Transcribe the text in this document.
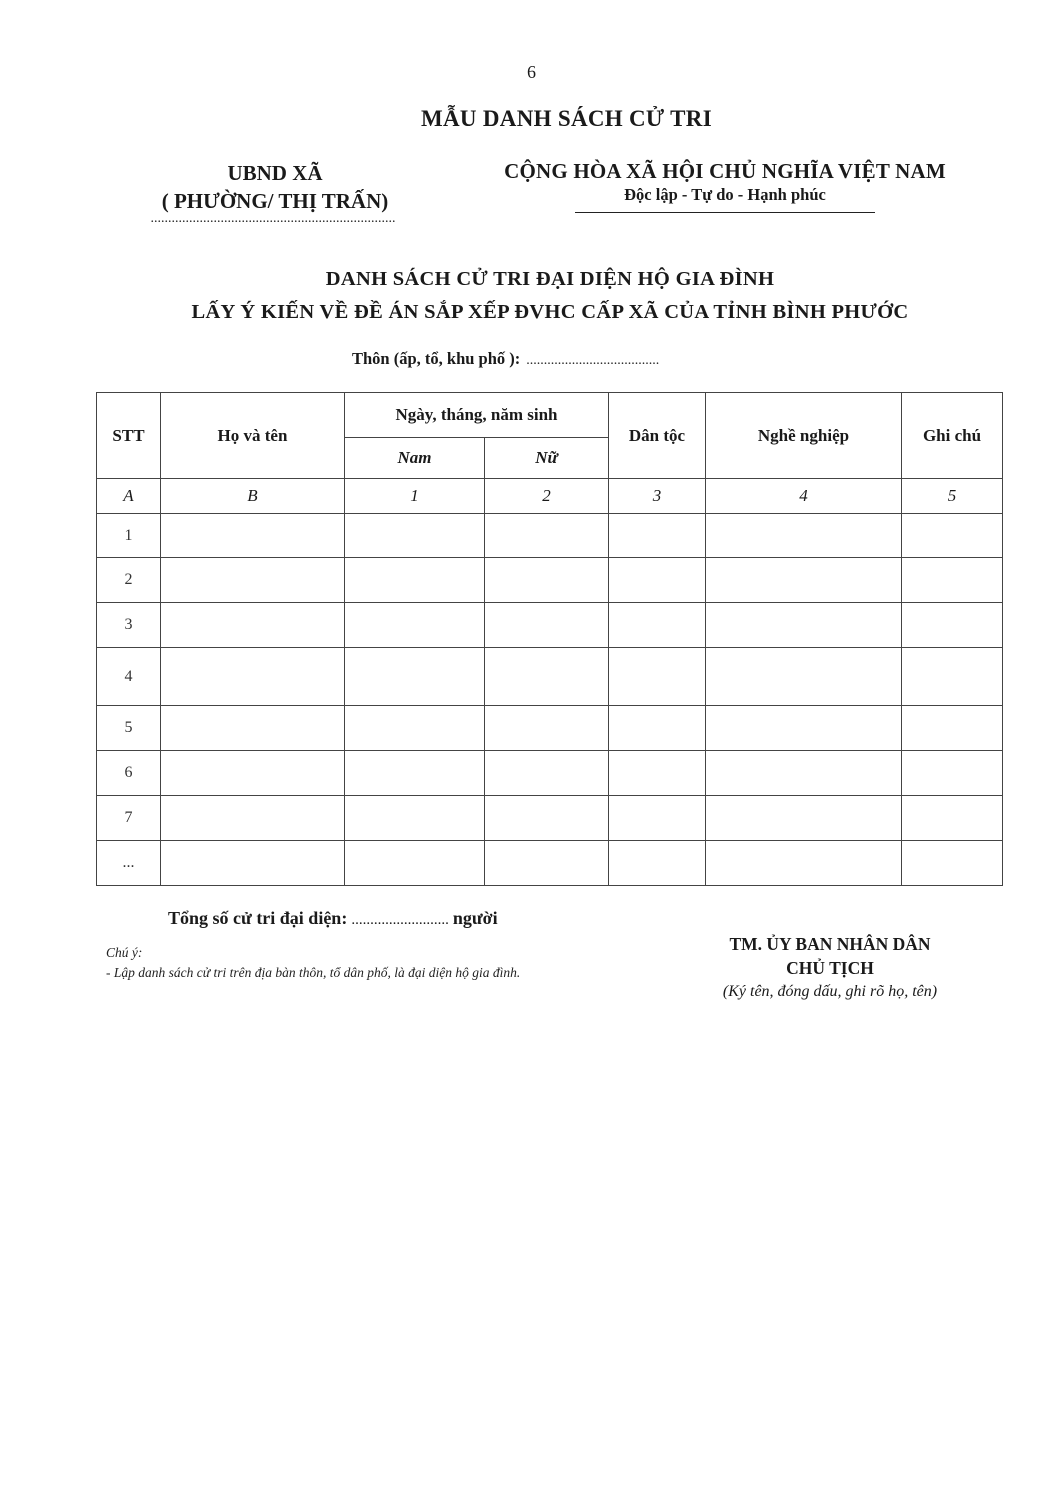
6
MẪU DANH SÁCH CỬ TRI
UBND XÃ
( PHƯỜNG/ THỊ TRẤN)
......................................................................
CỘNG HÒA XÃ HỘI CHỦ NGHĨA VIỆT NAM
Độc lập - Tự do - Hạnh phúc
DANH SÁCH CỬ TRI ĐẠI DIỆN HỘ GIA ĐÌNH
LẤY Ý KIẾN VỀ ĐỀ ÁN SẮP XẾP ĐVHC CẤP XÃ CỦA TỈNH BÌNH PHƯỚC
Thôn (ấp, tổ, khu phố ): ......................................
STT	Họ và tên	Ngày, tháng, năm sinh		Dân tộc	Nghề nghiệp	Ghi chú
		Nam	Nữ			
A	B	1	2	3	4	5
1						
2						
3						
4						
5						
6						
7						
...						
Tổng số cử tri đại diện: .......................... người
Chú ý:
- Lập danh sách cử tri trên địa bàn thôn, tổ dân phố, là đại diện hộ gia đình.
TM. ỦY BAN NHÂN DÂN
CHỦ TỊCH
(Ký tên, đóng dấu, ghi rõ họ, tên)
